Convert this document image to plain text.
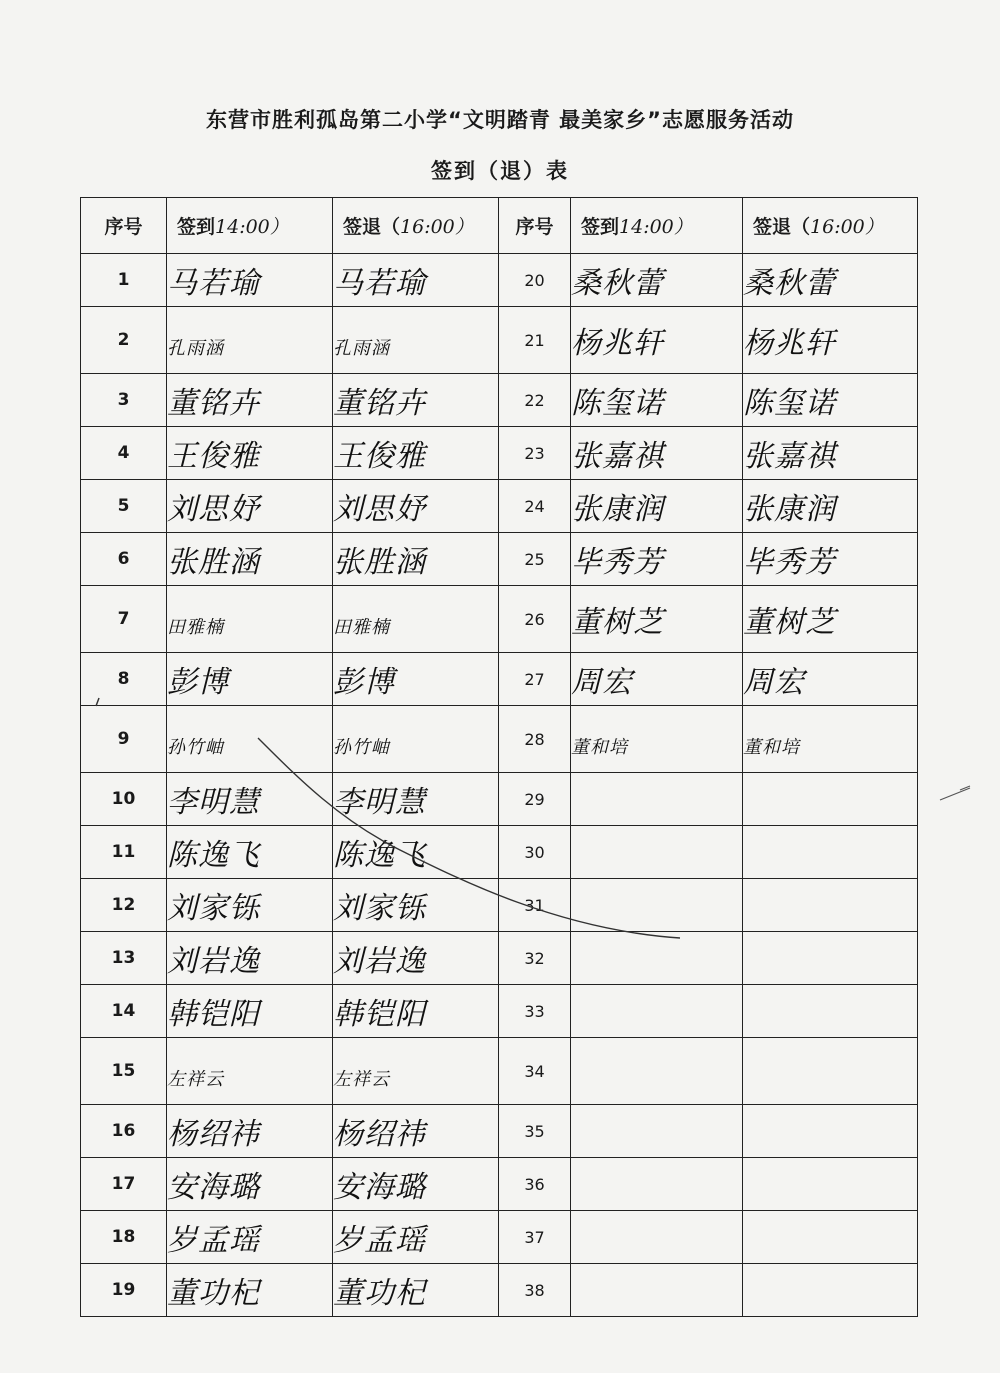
东营市胜利孤岛第二小学“文明踏青 最美家乡”志愿服务活动
签到（退）表
序号	签到14:00）	签退（16:00）	序号	签到14:00）	签退（16:00）
1	马若瑜	马若瑜	20	桑秋蕾	桑秋蕾
2	孔雨涵	孔雨涵	21	杨兆轩	杨兆轩
3	董铭卉	董铭卉	22	陈玺诺	陈玺诺
4	王俊雅	王俊雅	23	张嘉祺	张嘉祺
5	刘思妤	刘思妤	24	张康润	张康润
6	张胜涵	张胜涵	25	毕秀芳	毕秀芳
7	田雅楠	田雅楠	26	董树芝	董树芝
8	彭博	彭博	27	周宏	周宏
9	孙竹岫	孙竹岫	28	董和培	董和培
10	李明慧	李明慧	29		
11	陈逸飞	陈逸飞	30		
12	刘家铄	刘家铄	31		
13	刘岩逸	刘岩逸	32		
14	韩铠阳	韩铠阳	33		
15	左祥云	左祥云	34		
16	杨绍祎	杨绍祎	35		
17	安海璐	安海璐	36		
18	岁孟瑶	岁孟瑶	37		
19	董功杞	董功杞	38		
